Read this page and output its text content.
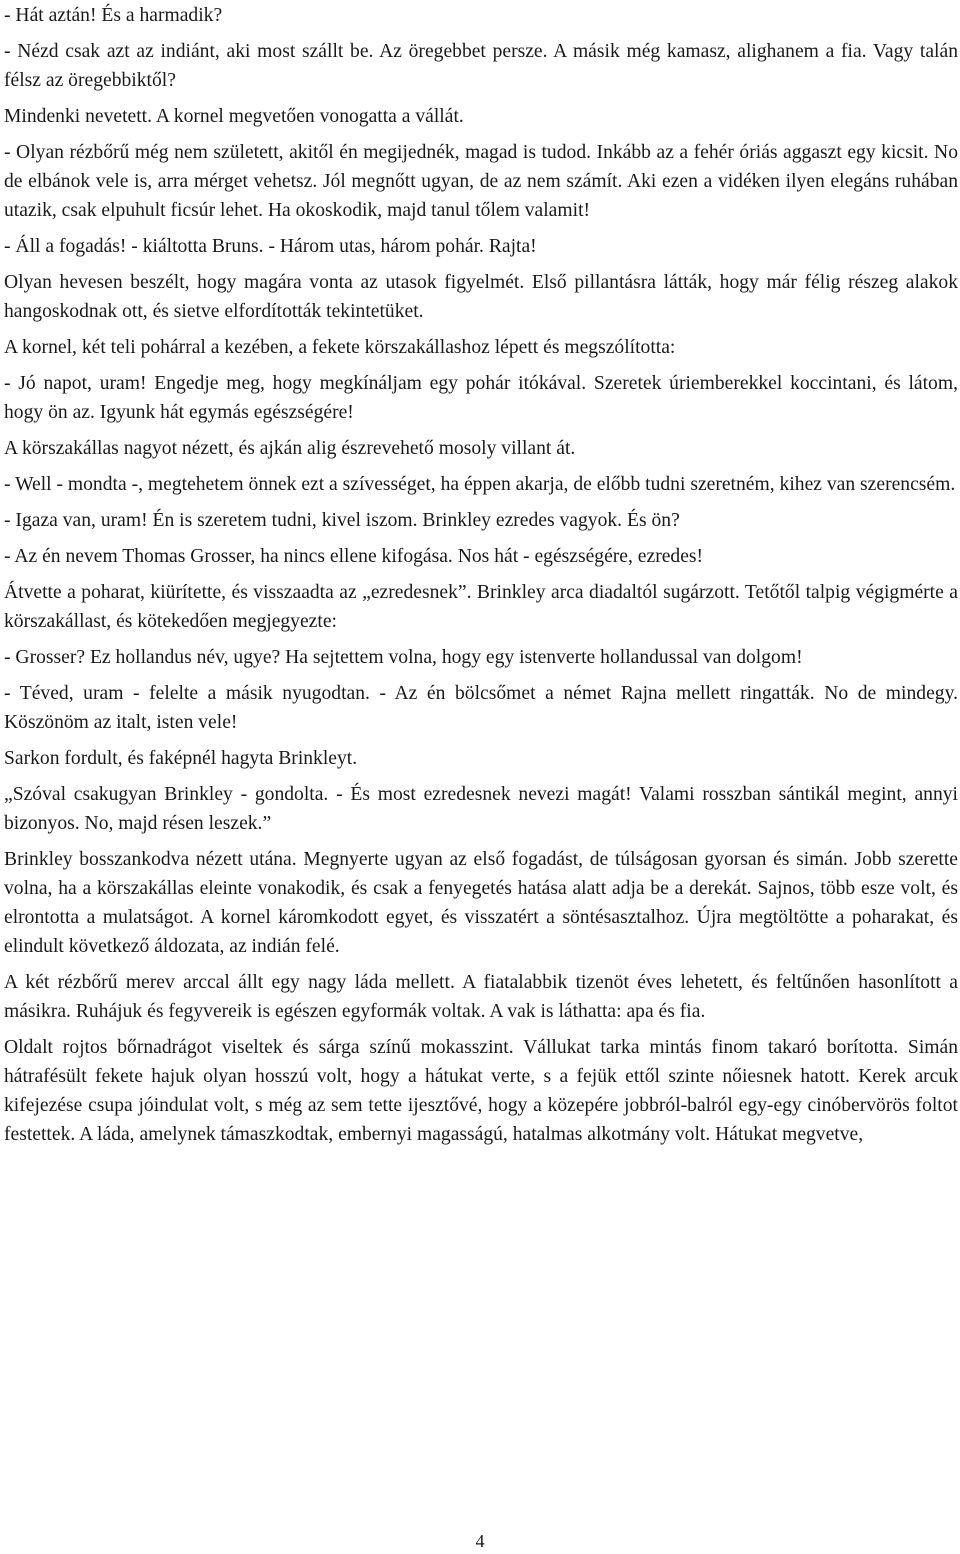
- Hát aztán! És a harmadik?

- Nézd csak azt az indiánt, aki most szállt be. Az öregebbet persze. A másik még kamasz, alighanem a fia. Vagy talán félsz az öregebbiktől?

Mindenki nevetett. A kornel megvetően vonogatta a vállát.

- Olyan rézbőrű még nem született, akitől én megijednék, magad is tudod. Inkább az a fehér óriás aggaszt egy kicsit. No de elbánok vele is, arra mérget vehetsz. Jól megnőtt ugyan, de az nem számít. Aki ezen a vidéken ilyen elegáns ruhában utazik, csak elpuhult ficsúr lehet. Ha okoskodik, majd tanul tőlem valamit!

- Áll a fogadás! - kiáltotta Bruns. - Három utas, három pohár. Rajta!

Olyan hevesen beszélt, hogy magára vonta az utasok figyelmét. Első pillantásra látták, hogy már félig részeg alakok hangoskodnak ott, és sietve elfordították tekintetüket.

A kornel, két teli pohárral a kezében, a fekete körszakállashoz lépett és megszólította:

- Jó napot, uram! Engedje meg, hogy megkínáljam egy pohár itókával. Szeretek úriemberekkel koccintani, és látom, hogy ön az. Igyunk hát egymás egészségére!

A körszakállas nagyot nézett, és ajkán alig észrevehető mosoly villant át.

- Well - mondta -, megtehetem önnek ezt a szívességet, ha éppen akarja, de előbb tudni szeretném, kihez van szerencsém.

- Igaza van, uram! Én is szeretem tudni, kivel iszom. Brinkley ezredes vagyok. És ön?

- Az én nevem Thomas Grosser, ha nincs ellene kifogása. Nos hát - egészségére, ezredes!

Átvette a poharat, kiürítette, és visszaadta az „ezredesnek”. Brinkley arca diadaltól sugárzott. Tetőtől talpig végigmérte a körszakállast, és kötekedően megjegyezte:

- Grosser? Ez hollandus név, ugye? Ha sejtettem volna, hogy egy istenverte hollandussal van dolgom!

- Téved, uram - felelte a másik nyugodtan. - Az én bölcsőmet a német Rajna mellett ringatták. No de mindegy. Köszönöm az italt, isten vele!

Sarkon fordult, és faképnél hagyta Brinkleyt.

„Szóval csakugyan Brinkley - gondolta. - És most ezredesnek nevezi magát! Valami rosszban sántikál megint, annyi bizonyos. No, majd résen leszek.”

Brinkley bosszankodva nézett utána. Megnyerte ugyan az első fogadást, de túlságosan gyorsan és simán. Jobb szerette volna, ha a körszakállas eleinte vonakodik, és csak a fenyegetés hatása alatt adja be a derekát. Sajnos, több esze volt, és elrontotta a mulatságot. A kornel káromkodott egyet, és visszatért a söntésasztalhoz. Újra megtöltötte a poharakat, és elindult következő áldozata, az indián felé.

A két rézbőrű merev arccal állt egy nagy láda mellett. A fiatalabbik tizenöt éves lehetett, és feltűnően hasonlított a másikra. Ruhájuk és fegyvereik is egészen egyformák voltak. A vak is láthatta: apa és fia.

Oldalt rojtos bőrnadrágot viseltek és sárga színű mokasszint. Vállukat tarka mintás finom takaró borította. Simán hátrafésült fekete hajuk olyan hosszú volt, hogy a hátukat verte, s a fejük ettől szinte nőiesnek hatott. Kerek arcuk kifejezése csupa jóindulat volt, s még az sem tette ijesztővé, hogy a közepére jobbról-balról egy-egy cinóbervörös foltot festettek. A láda, amelynek támaszkodtak, embernyi magasságú, hatalmas alkotmány volt. Hátukat megvetve,

4
